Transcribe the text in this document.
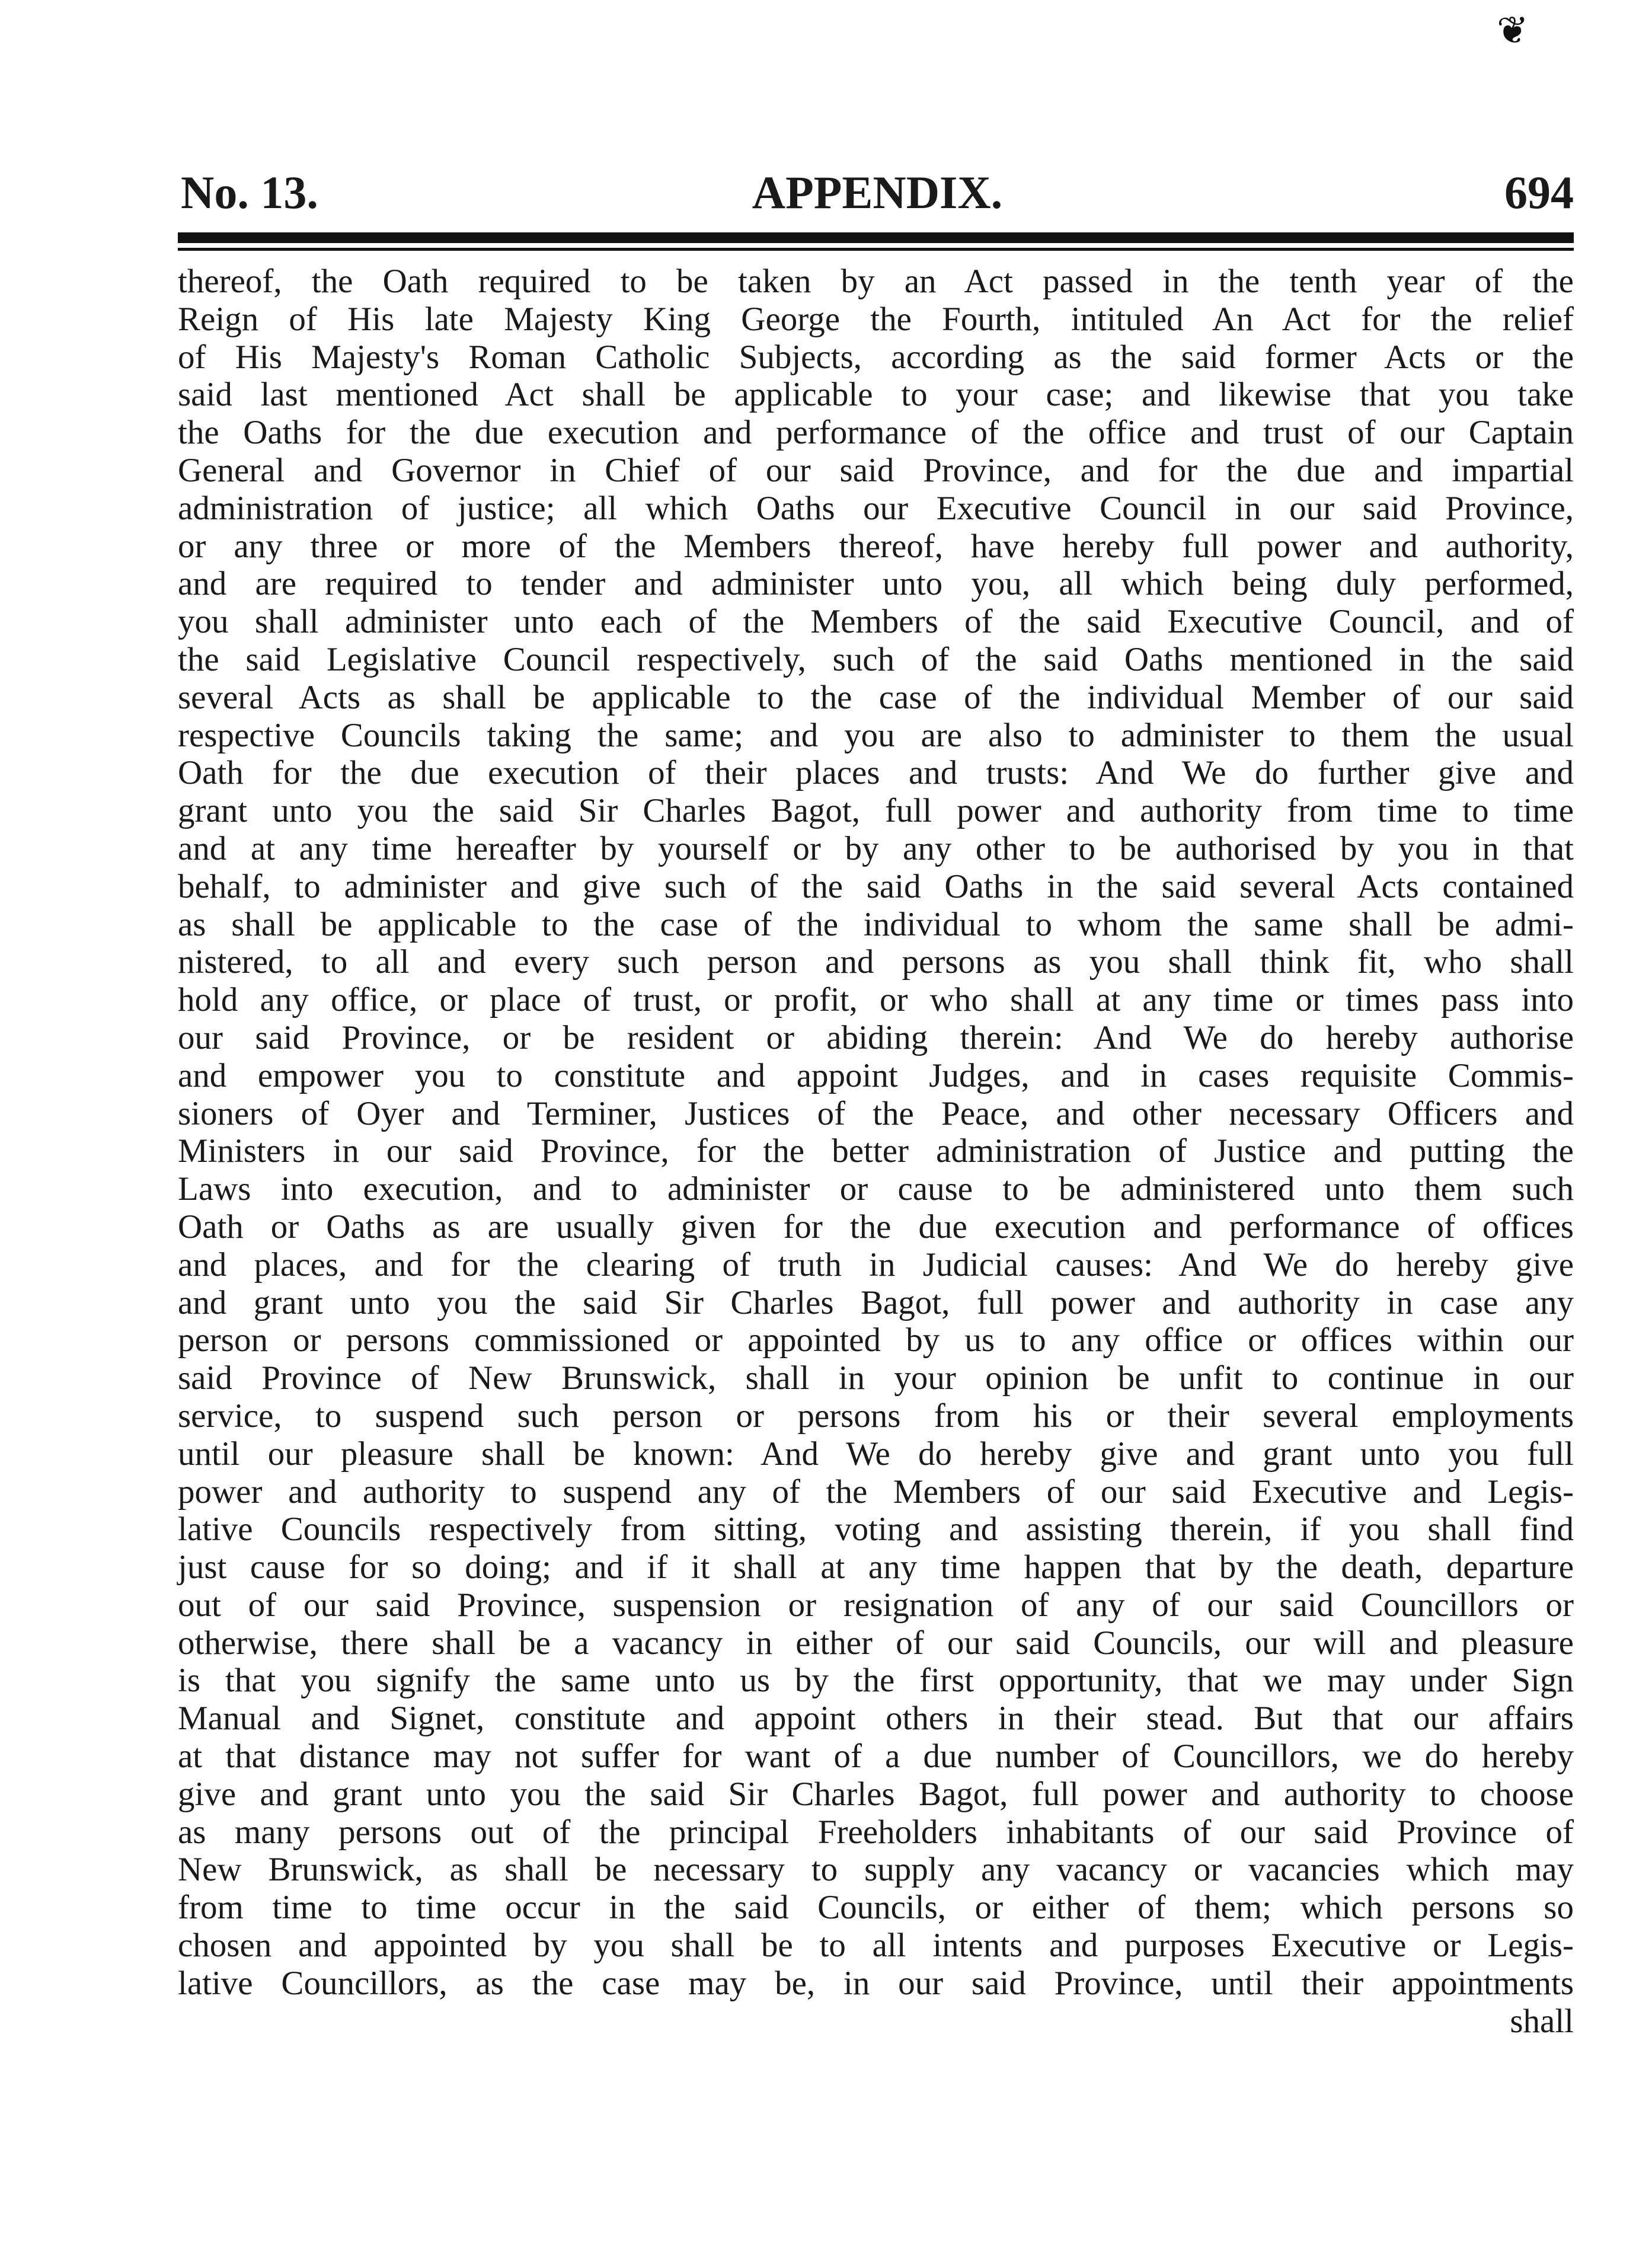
❦
No. 13.	APPENDIX.	694
thereof, the Oath required to be taken by an Act passed in the tenth year of the
Reign of His late Majesty King George the Fourth, intituled An Act for the relief
of His Majesty's Roman Catholic Subjects, according as the said former Acts or the
said last mentioned Act shall be applicable to your case; and likewise that you take
the Oaths for the due execution and performance of the office and trust of our Captain
General and Governor in Chief of our said Province, and for the due and impartial
administration of justice; all which Oaths our Executive Council in our said Province,
or any three or more of the Members thereof, have hereby full power and authority,
and are required to tender and administer unto you, all which being duly performed,
you shall administer unto each of the Members of the said Executive Council, and of
the said Legislative Council respectively, such of the said Oaths mentioned in the said
several Acts as shall be applicable to the case of the individual Member of our said
respective Councils taking the same; and you are also to administer to them the usual
Oath for the due execution of their places and trusts: And We do further give and
grant unto you the said Sir Charles Bagot, full power and authority from time to time
and at any time hereafter by yourself or by any other to be authorised by you in that
behalf, to administer and give such of the said Oaths in the said several Acts contained
as shall be applicable to the case of the individual to whom the same shall be admi-
nistered, to all and every such person and persons as you shall think fit, who shall
hold any office, or place of trust, or profit, or who shall at any time or times pass into
our said Province, or be resident or abiding therein: And We do hereby authorise
and empower you to constitute and appoint Judges, and in cases requisite Commis-
sioners of Oyer and Terminer, Justices of the Peace, and other necessary Officers and
Ministers in our said Province, for the better administration of Justice and putting the
Laws into execution, and to administer or cause to be administered unto them such
Oath or Oaths as are usually given for the due execution and performance of offices
and places, and for the clearing of truth in Judicial causes: And We do hereby give
and grant unto you the said Sir Charles Bagot, full power and authority in case any
person or persons commissioned or appointed by us to any office or offices within our
said Province of New Brunswick, shall in your opinion be unfit to continue in our
service, to suspend such person or persons from his or their several employments
until our pleasure shall be known: And We do hereby give and grant unto you full
power and authority to suspend any of the Members of our said Executive and Legis-
lative Councils respectively from sitting, voting and assisting therein, if you shall find
just cause for so doing; and if it shall at any time happen that by the death, departure
out of our said Province, suspension or resignation of any of our said Councillors or
otherwise, there shall be a vacancy in either of our said Councils, our will and pleasure
is that you signify the same unto us by the first opportunity, that we may under Sign
Manual and Signet, constitute and appoint others in their stead. But that our affairs
at that distance may not suffer for want of a due number of Councillors, we do hereby
give and grant unto you the said Sir Charles Bagot, full power and authority to choose
as many persons out of the principal Freeholders inhabitants of our said Province of
New Brunswick, as shall be necessary to supply any vacancy or vacancies which may
from time to time occur in the said Councils, or either of them; which persons so
chosen and appointed by you shall be to all intents and purposes Executive or Legis-
lative Councillors, as the case may be, in our said Province, until their appointments
shall
